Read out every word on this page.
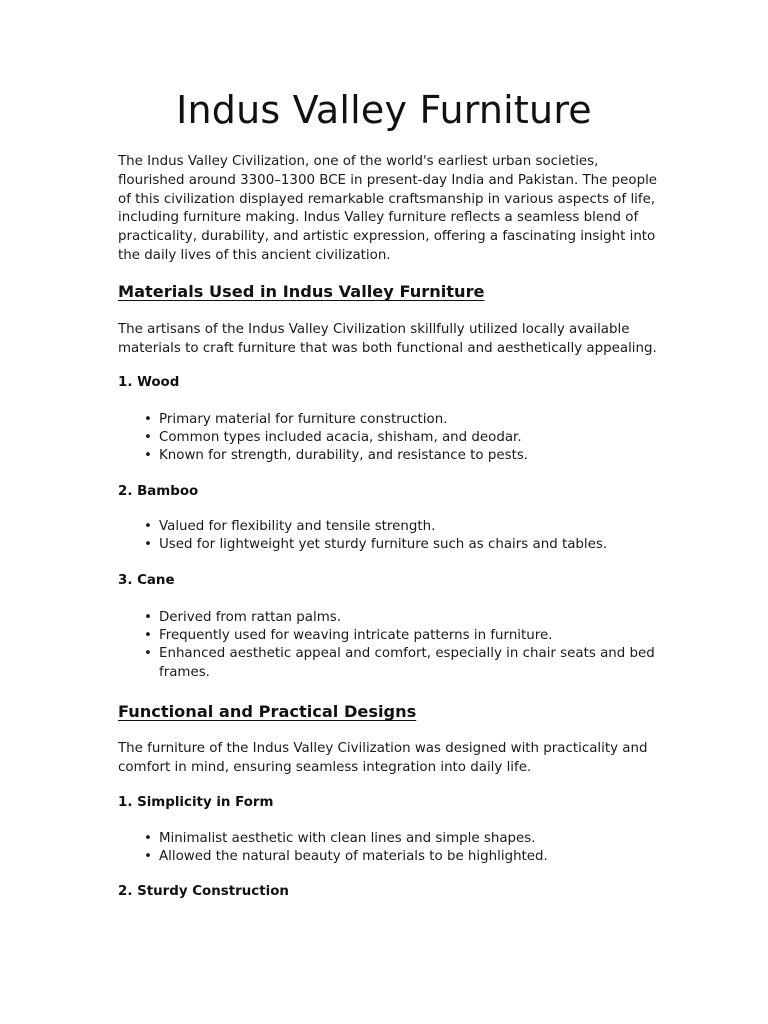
Indus Valley Furniture

The Indus Valley Civilization, one of the world's earliest urban societies, flourished around 3300–1300 BCE in present-day India and Pakistan. The people of this civilization displayed remarkable craftsmanship in various aspects of life, including furniture making. Indus Valley furniture reflects a seamless blend of practicality, durability, and artistic expression, offering a fascinating insight into the daily lives of this ancient civilization.

Materials Used in Indus Valley Furniture

The artisans of the Indus Valley Civilization skillfully utilized locally available materials to craft furniture that was both functional and aesthetically appealing.

1. Wood
• Primary material for furniture construction.
• Common types included acacia, shisham, and deodar.
• Known for strength, durability, and resistance to pests.
2. Bamboo
• Valued for flexibility and tensile strength.
• Used for lightweight yet sturdy furniture such as chairs and tables.
3. Cane
• Derived from rattan palms.
• Frequently used for weaving intricate patterns in furniture.
• Enhanced aesthetic appeal and comfort, especially in chair seats and bed frames.
Functional and Practical Designs

The furniture of the Indus Valley Civilization was designed with practicality and comfort in mind, ensuring seamless integration into daily life.

1. Simplicity in Form
• Minimalist aesthetic with clean lines and simple shapes.
• Allowed the natural beauty of materials to be highlighted.
2. Sturdy Construction
